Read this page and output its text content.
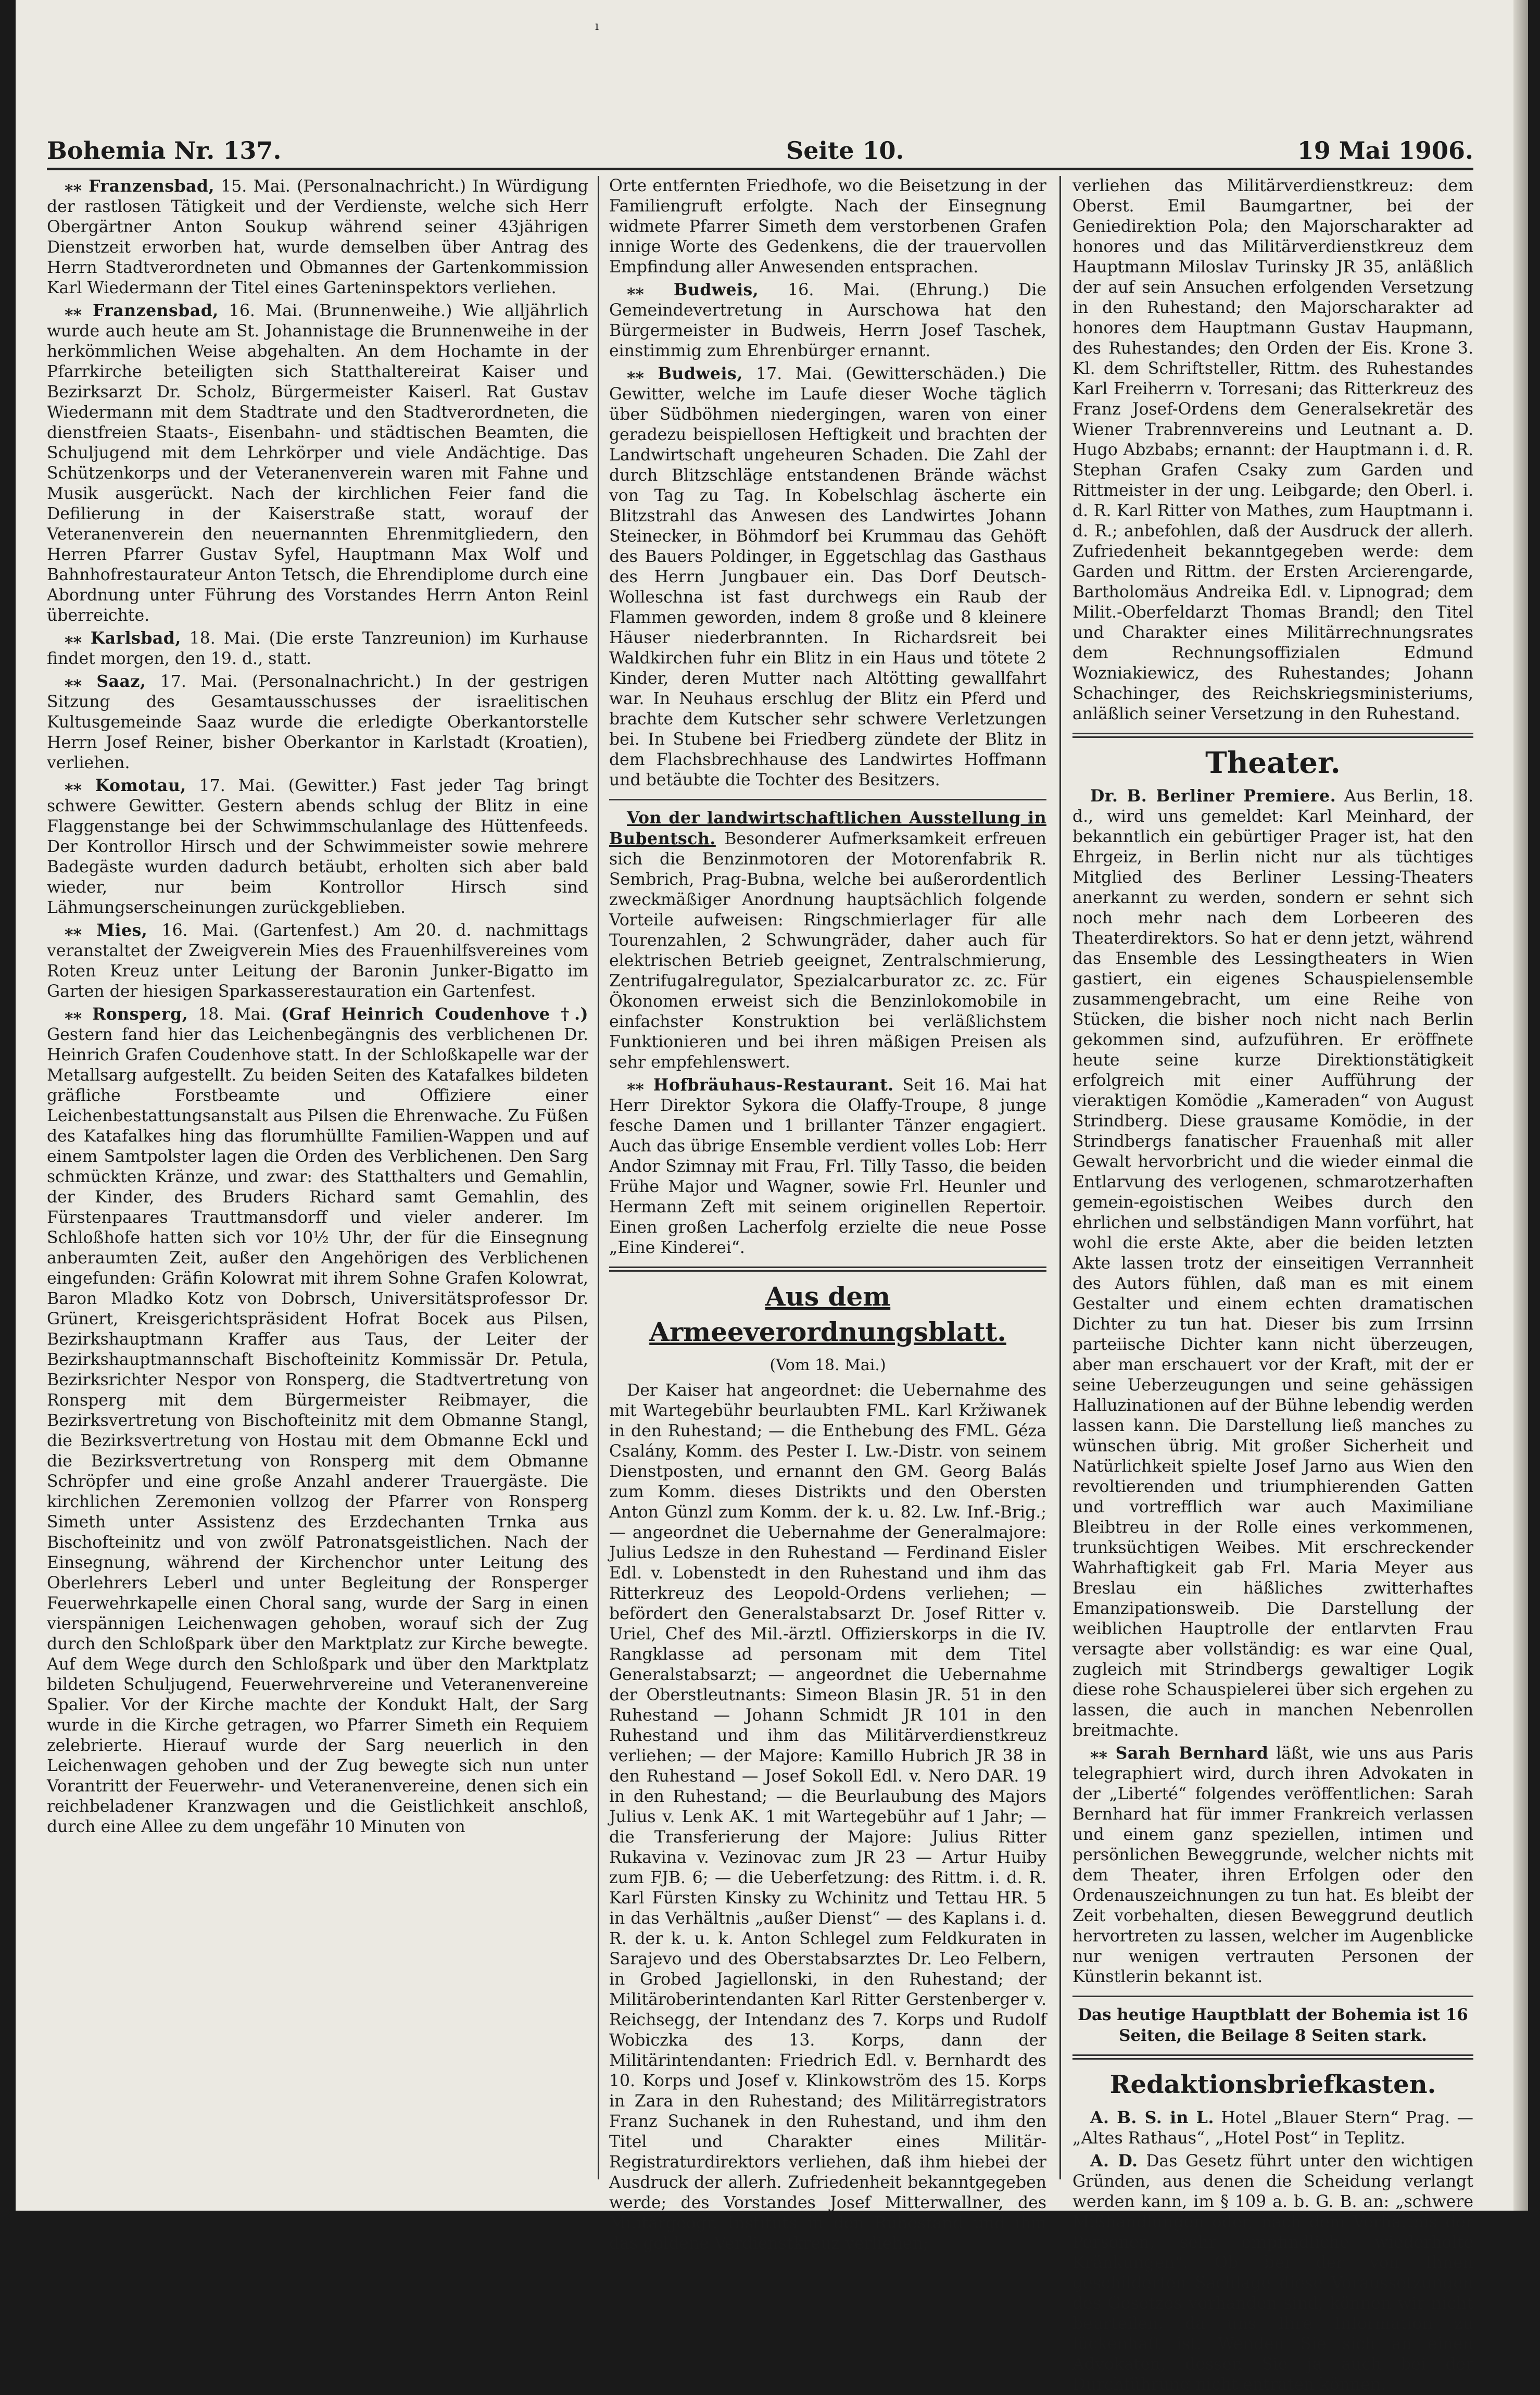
ı
Bohemia Nr. 137.	Seite 10.	19 Mai 1906.

⁎⁎ Franzensbad, 15. Mai. (Personalnachricht.) In Würdigung der rastlosen Tätigkeit und der Verdienste, welche sich Herr Obergärtner Anton Soukup während seiner 43jährigen Dienstzeit erworben hat, wurde demselben über Antrag des Herrn Stadtverordneten und Obmannes der Gartenkommission Karl Wiedermann der Titel eines Garteninspektors verliehen.

⁎⁎ Franzensbad, 16. Mai. (Brunnenweihe.) Wie alljährlich wurde auch heute am St. Johannistage die Brunnenweihe in der herkömmlichen Weise abgehalten. An dem Hochamte in der Pfarrkirche beteiligten sich Statthaltereirat Kaiser und Bezirksarzt Dr. Scholz, Bürgermeister Kaiserl. Rat Gustav Wiedermann mit dem Stadtrate und den Stadtverordneten, die dienstfreien Staats-, Eisenbahn- und städtischen Beamten, die Schuljugend mit dem Lehrkörper und viele Andächtige. Das Schützenkorps und der Veteranenverein waren mit Fahne und Musik ausgerückt. Nach der kirchlichen Feier fand die Defilierung in der Kaiserstraße statt, worauf der Veteranenverein den neuernannten Ehrenmitgliedern, den Herren Pfarrer Gustav Syfel, Hauptmann Max Wolf und Bahnhofrestaurateur Anton Tetsch, die Ehrendiplome durch eine Abordnung unter Führung des Vorstandes Herrn Anton Reinl überreichte.

⁎⁎ Karlsbad, 18. Mai. (Die erste Tanzreunion) im Kurhause findet morgen, den 19. d., statt.

⁎⁎ Saaz, 17. Mai. (Personalnachricht.) In der gestrigen Sitzung des Gesamtausschusses der israelitischen Kultusgemeinde Saaz wurde die erledigte Oberkantorstelle Herrn Josef Reiner, bisher Oberkantor in Karlstadt (Kroatien), verliehen.

⁎⁎ Komotau, 17. Mai. (Gewitter.) Fast jeder Tag bringt schwere Gewitter. Gestern abends schlug der Blitz in eine Flaggenstange bei der Schwimmschulanlage des Hüttenfeeds. Der Kontrollor Hirsch und der Schwimmeister sowie mehrere Badegäste wurden dadurch betäubt, erholten sich aber bald wieder, nur beim Kontrollor Hirsch sind Lähmungserscheinungen zurückgeblieben.

⁎⁎ Mies, 16. Mai. (Gartenfest.) Am 20. d. nachmittags veranstaltet der Zweigverein Mies des Frauenhilfsvereines vom Roten Kreuz unter Leitung der Baronin Junker-Bigatto im Garten der hiesigen Sparkasserestauration ein Gartenfest.

⁎⁎ Ronsperg, 18. Mai. (Graf Heinrich Coudenhove †.) Gestern fand hier das Leichenbegängnis des verblichenen Dr. Heinrich Grafen Coudenhove statt. In der Schloßkapelle war der Metallsarg aufgestellt. Zu beiden Seiten des Katafalkes bildeten gräfliche Forstbeamte und Offiziere einer Leichenbestattungsanstalt aus Pilsen die Ehrenwache. Zu Füßen des Katafalkes hing das florumhüllte Familien-Wappen und auf einem Samtpolster lagen die Orden des Verblichenen. Den Sarg schmückten Kränze, und zwar: des Statthalters und Gemahlin, der Kinder, des Bruders Richard samt Gemahlin, des Fürstenpaares Trauttmansdorff und vieler anderer. Im Schloßhofe hatten sich vor 10½ Uhr, der für die Einsegnung anberaumten Zeit, außer den Angehörigen des Verblichenen eingefunden: Gräfin Kolowrat mit ihrem Sohne Grafen Kolowrat, Baron Mladko Kotz von Dobrsch, Universitätsprofessor Dr. Grünert, Kreisgerichtspräsident Hofrat Bocek aus Pilsen, Bezirkshauptmann Kraffer aus Taus, der Leiter der Bezirkshauptmannschaft Bischofteinitz Kommissär Dr. Petula, Bezirksrichter Nespor von Ronsperg, die Stadtvertretung von Ronsperg mit dem Bürgermeister Reibmayer, die Bezirksvertretung von Bischofteinitz mit dem Obmanne Stangl, die Bezirksvertretung von Hostau mit dem Obmanne Eckl und die Bezirksvertretung von Ronsperg mit dem Obmanne Schröpfer und eine große Anzahl anderer Trauergäste. Die kirchlichen Zeremonien vollzog der Pfarrer von Ronsperg Simeth unter Assistenz des Erzdechanten Trnka aus Bischofteinitz und von zwölf Patronatsgeistlichen. Nach der Einsegnung, während der Kirchenchor unter Leitung des Oberlehrers Leberl und unter Begleitung der Ronsperger Feuerwehrkapelle einen Choral sang, wurde der Sarg in einen vierspännigen Leichenwagen gehoben, worauf sich der Zug durch den Schloßpark über den Marktplatz zur Kirche bewegte. Auf dem Wege durch den Schloßpark und über den Marktplatz bildeten Schuljugend, Feuerwehrvereine und Veteranenvereine Spalier. Vor der Kirche machte der Kondukt Halt, der Sarg wurde in die Kirche getragen, wo Pfarrer Simeth ein Requiem zelebrierte. Hierauf wurde der Sarg neuerlich in den Leichenwagen gehoben und der Zug bewegte sich nun unter Vorantritt der Feuerwehr- und Veteranenvereine, denen sich ein reichbeladener Kranzwagen und die Geistlichkeit anschloß, durch eine Allee zu dem ungefähr 10 Minuten von

Orte entfernten Friedhofe, wo die Beisetzung in der Familiengruft erfolgte. Nach der Einsegnung widmete Pfarrer Simeth dem verstorbenen Grafen innige Worte des Gedenkens, die der trauervollen Empfindung aller Anwesenden entsprachen.

⁎⁎ Budweis, 16. Mai. (Ehrung.) Die Gemeindevertretung in Aurschowa hat den Bürgermeister in Budweis, Herrn Josef Taschek, einstimmig zum Ehrenbürger ernannt.

⁎⁎ Budweis, 17. Mai. (Gewitterschäden.) Die Gewitter, welche im Laufe dieser Woche täglich über Südböhmen niedergingen, waren von einer geradezu beispiellosen Heftigkeit und brachten der Landwirtschaft ungeheuren Schaden. Die Zahl der durch Blitzschläge entstandenen Brände wächst von Tag zu Tag. In Kobelschlag äscherte ein Blitzstrahl das Anwesen des Landwirtes Johann Steinecker, in Böhmdorf bei Krummau das Gehöft des Bauers Poldinger, in Eggetschlag das Gasthaus des Herrn Jungbauer ein. Das Dorf Deutsch-Wolleschna ist fast durchwegs ein Raub der Flammen geworden, indem 8 große und 8 kleinere Häuser niederbrannten. In Richardsreit bei Waldkirchen fuhr ein Blitz in ein Haus und tötete 2 Kinder, deren Mutter nach Altötting gewallfahrt war. In Neuhaus erschlug der Blitz ein Pferd und brachte dem Kutscher sehr schwere Verletzungen bei. In Stubene bei Friedberg zündete der Blitz in dem Flachsbrechhause des Landwirtes Hoffmann und betäubte die Tochter des Besitzers.

Von der landwirtschaftlichen Ausstellung in Bubentsch. Besonderer Aufmerksamkeit erfreuen sich die Benzinmotoren der Motorenfabrik R. Sembrich, Prag-Bubna, welche bei außerordentlich zweckmäßiger Anordnung hauptsächlich folgende Vorteile aufweisen: Ringschmierlager für alle Tourenzahlen, 2 Schwungräder, daher auch für elektrischen Betrieb geeignet, Zentralschmierung, Zentrifugalregulator, Spezialcarburator zc. zc. Für Ökonomen erweist sich die Benzinlokomobile in einfachster Konstruktion bei verläßlichstem Funktionieren und bei ihren mäßigen Preisen als sehr empfehlenswert.

⁎⁎ Hofbräuhaus-Restaurant. Seit 16. Mai hat Herr Direktor Sykora die Olaffy-Troupe, 8 junge fesche Damen und 1 brillanter Tänzer engagiert. Auch das übrige Ensemble verdient volles Lob: Herr Andor Szimnay mit Frau, Frl. Tilly Tasso, die beiden Frühe Major und Wagner, sowie Frl. Heunler und Hermann Zeft mit seinem originellen Repertoir. Einen großen Lacherfolg erzielte die neue Posse „Eine Kinderei“.

Aus dem Armeeverordnungsblatt.
(Vom 18. Mai.)

Der Kaiser hat angeordnet: die Uebernahme des mit Wartegebühr beurlaubten FML. Karl Kržiwanek in den Ruhestand; — die Enthebung des FML. Géza Csalány, Komm. des Pester I. Lw.-Distr. von seinem Dienstposten, und ernannt den GM. Georg Balás zum Komm. dieses Distrikts und den Obersten Anton Günzl zum Komm. der k. u. 82. Lw. Inf.-Brig.; — angeordnet die Uebernahme der Generalmajore: Julius Ledsze in den Ruhestand — Ferdinand Eisler Edl. v. Lobenstedt in den Ruhestand und ihm das Ritterkreuz des Leopold-Ordens verliehen; — befördert den Generalstabsarzt Dr. Josef Ritter v. Uriel, Chef des Mil.-ärztl. Offizierskorps in die IV. Rangklasse ad personam mit dem Titel Generalstabsarzt; — angeordnet die Uebernahme der Oberstleutnants: Simeon Blasin JR. 51 in den Ruhestand — Johann Schmidt JR 101 in den Ruhestand und ihm das Militärverdienstkreuz verliehen; — der Majore: Kamillo Hubrich JR 38 in den Ruhestand — Josef Sokoll Edl. v. Nero DAR. 19 in den Ruhestand; — die Beurlaubung des Majors Julius v. Lenk AK. 1 mit Wartegebühr auf 1 Jahr; — die Transferierung der Majore: Julius Ritter Rukavina v. Vezinovac zum JR 23 — Artur Huiby zum FJB. 6; — die Ueberfetzung: des Rittm. i. d. R. Karl Fürsten Kinsky zu Wchinitz und Tettau HR. 5 in das Verhältnis „außer Dienst“ — des Kaplans i. d. R. der k. u. k. Anton Schlegel zum Feldkuraten in Sarajevo und des Oberstabsarztes Dr. Leo Felbern, in Grobed Jagiellonski, in den Ruhestand; der Militäroberintendanten Karl Ritter Gerstenberger v. Reichsegg, der Intendanz des 7. Korps und Rudolf Wobiczka des 13. Korps, dann der Militärintendanten: Friedrich Edl. v. Bernhardt des 10. Korps und Josef v. Klinkowström des 15. Korps in Zara in den Ruhestand; des Militärregistrators Franz Suchanek in den Ruhestand, und ihm den Titel und Charakter eines Militär-Registraturdirektors verliehen, daß ihm hiebei der Ausdruck der allerh. Zufriedenheit bekanntgegeben werde; des Vorstandes Josef Mitterwallner, des Militärgeogr. Instituts in den Ruhestand und ihm das goldene Verdienstkreuz verliehen;

verliehen das Militärverdienstkreuz: dem Oberst. Emil Baumgartner, bei der Geniedirektion Pola; den Majorscharakter ad honores und das Militärverdienstkreuz dem Hauptmann Miloslav Turinsky JR 35, anläßlich der auf sein Ansuchen erfolgenden Versetzung in den Ruhestand; den Majorscharakter ad honores dem Hauptmann Gustav Haupmann, des Ruhestandes; den Orden der Eis. Krone 3. Kl. dem Schriftsteller, Rittm. des Ruhestandes Karl Freiherrn v. Torresani; das Ritterkreuz des Franz Josef-Ordens dem Generalsekretär des Wiener Trabrennvereins und Leutnant a. D. Hugo Abzbabs; ernannt: der Hauptmann i. d. R. Stephan Grafen Csaky zum Garden und Rittmeister in der ung. Leibgarde; den Oberl. i. d. R. Karl Ritter von Mathes, zum Hauptmann i. d. R.; anbefohlen, daß der Ausdruck der allerh. Zufriedenheit bekanntgegeben werde: dem Garden und Rittm. der Ersten Arcierengarde, Bartholomäus Andreika Edl. v. Lipnograd; dem Milit.-Oberfeldarzt Thomas Brandl; den Titel und Charakter eines Militärrechnungsrates dem Rechnungsoffizialen Edmund Wozniakiewicz, des Ruhestandes; Johann Schachinger, des Reichskriegsministeriums, anläßlich seiner Versetzung in den Ruhestand.

Theater.

Dr. B. Berliner Premiere. Aus Berlin, 18. d., wird uns gemeldet: Karl Meinhard, der bekanntlich ein gebürtiger Prager ist, hat den Ehrgeiz, in Berlin nicht nur als tüchtiges Mitglied des Berliner Lessing-Theaters anerkannt zu werden, sondern er sehnt sich noch mehr nach dem Lorbeeren des Theaterdirektors. So hat er denn jetzt, während das Ensemble des Lessingtheaters in Wien gastiert, ein eigenes Schauspielensemble zusammengebracht, um eine Reihe von Stücken, die bisher noch nicht nach Berlin gekommen sind, aufzuführen. Er eröffnete heute seine kurze Direktionstätigkeit erfolgreich mit einer Aufführung der vieraktigen Komödie „Kameraden“ von August Strindberg. Diese grausame Komödie, in der Strindbergs fanatischer Frauenhaß mit aller Gewalt hervorbricht und die wieder einmal die Entlarvung des verlogenen, schmarotzerhaften gemein-egoistischen Weibes durch den ehrlichen und selbständigen Mann vorführt, hat wohl die erste Akte, aber die beiden letzten Akte lassen trotz der einseitigen Verrannheit des Autors fühlen, daß man es mit einem Gestalter und einem echten dramatischen Dichter zu tun hat. Dieser bis zum Irrsinn parteiische Dichter kann nicht überzeugen, aber man erschauert vor der Kraft, mit der er seine Ueberzeugungen und seine gehässigen Halluzinationen auf der Bühne lebendig werden lassen kann. Die Darstellung ließ manches zu wünschen übrig. Mit großer Sicherheit und Natürlichkeit spielte Josef Jarno aus Wien den revoltierenden und triumphierenden Gatten und vortrefflich war auch Maximiliane Bleibtreu in der Rolle eines verkommenen, trunksüchtigen Weibes. Mit erschreckender Wahrhaftigkeit gab Frl. Maria Meyer aus Breslau ein häßliches zwitterhaftes Emanzipationsweib. Die Darstellung der weiblichen Hauptrolle der entlarvten Frau versagte aber vollständig: es war eine Qual, zugleich mit Strindbergs gewaltiger Logik diese rohe Schauspielerei über sich ergehen zu lassen, die auch in manchen Nebenrollen breitmachte.

⁎⁎ Sarah Bernhard läßt, wie uns aus Paris telegraphiert wird, durch ihren Advokaten in der „Liberté“ folgendes veröffentlichen: Sarah Bernhard hat für immer Frankreich verlassen und einem ganz speziellen, intimen und persönlichen Beweggrunde, welcher nichts mit dem Theater, ihren Erfolgen oder den Ordenauszeichnungen zu tun hat. Es bleibt der Zeit vorbehalten, diesen Beweggrund deutlich hervortreten zu lassen, welcher im Augenblicke nur wenigen vertrauten Personen der Künstlerin bekannt ist.

Das heutige Hauptblatt der Bohemia ist 16 Seiten, die Beilage 8 Seiten stark.

Redaktionsbriefkasten.

A. B. S. in L. Hotel „Blauer Stern“ Prag. — „Altes Rathaus“, „Hotel Post“ in Teplitz.

A. D. Das Gesetz führt unter den wichtigen Gründen, aus denen die Scheidung verlangt werden kann, im § 109 a. b. G. B. an: „schwere Mißhandlungen oder, nach dem Verhältnis der Personen, sehr empfindliche wiederholte Kränkungen“. Ob bei der von Ihnen geschilderten Sachlage diese Voraussetzungen des Gesetzes vorhanden sind, können wir nicht beurteilen, da uns Ihre Information zu lückenhaft ist. Wenden Sie sich an einen Advokaten, dessen Sie ja auch bei der Durchführung nicht entraten können.
